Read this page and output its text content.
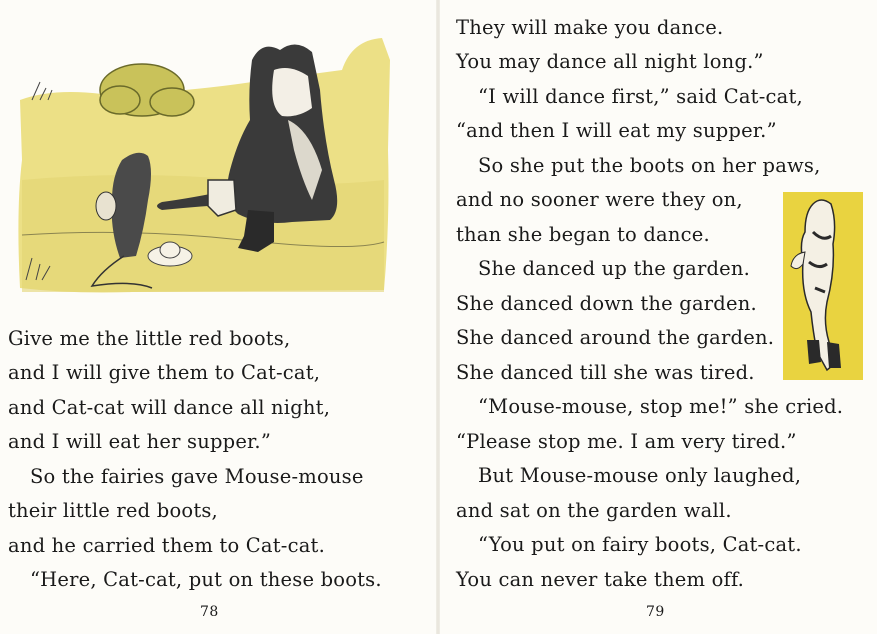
Give me the little red boots,
and I will give them to Cat-cat,
and Cat-cat will dance all night,
and I will eat her supper.”
So the fairies gave Mouse-mouse
their little red boots,
and he carried them to Cat-cat.
“Here, Cat-cat, put on these boots.
78
They will make you dance.
You may dance all night long.”
“I will dance first,” said Cat-cat,
“and then I will eat my supper.”
So she put the boots on her paws,
and no sooner were they on,
than she began to dance.
She danced up the garden.
She danced down the garden.
She danced around the garden.
She danced till she was tired.
“Mouse-mouse, stop me!” she cried.
“Please stop me. I am very tired.”
But Mouse-mouse only laughed,
and sat on the garden wall.
“You put on fairy boots, Cat-cat.
You can never take them off.
79
